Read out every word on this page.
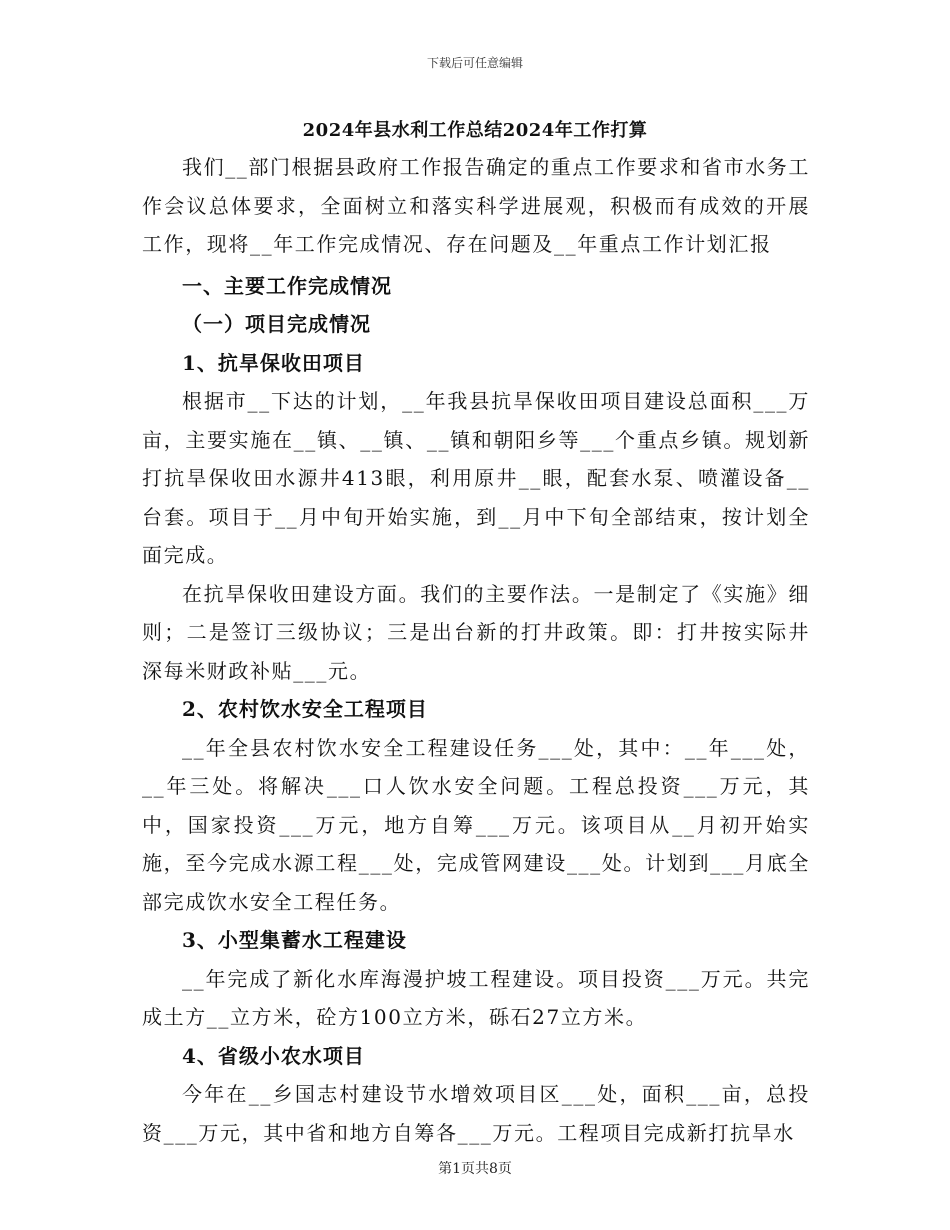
下载后可任意编辑
2024年县水利工作总结2024年工作打算

我们__部门根据县政府工作报告确定的重点工作要求和省市水务工作会议总体要求，全面树立和落实科学进展观，积极而有成效的开展工作，现将__年工作完成情况、存在问题及__年重点工作计划汇报

一、主要工作完成情况

（一）项目完成情况

1、抗旱保收田项目

根据市__下达的计划，__年我县抗旱保收田项目建设总面积___万亩，主要实施在__镇、__镇、__镇和朝阳乡等___个重点乡镇。规划新打抗旱保收田水源井413眼，利用原井__眼，配套水泵、喷灌设备__台套。项目于__月中旬开始实施，到__月中下旬全部结束，按计划全面完成。

在抗旱保收田建设方面。我们的主要作法。一是制定了《实施》细则；二是签订三级协议；三是出台新的打井政策。即：打井按实际井深每米财政补贴___元。

2、农村饮水安全工程项目

__年全县农村饮水安全工程建设任务___处，其中：__年___处，__年三处。将解决___口人饮水安全问题。工程总投资___万元，其中，国家投资___万元，地方自筹___万元。该项目从__月初开始实施，至今完成水源工程___处，完成管网建设___处。计划到___月底全部完成饮水安全工程任务。

3、小型集蓄水工程建设

__年完成了新化水库海漫护坡工程建设。项目投资___万元。共完成土方__立方米，砼方100立方米，砾石27立方米。

4、省级小农水项目

今年在__乡国志村建设节水增效项目区___处，面积___亩，总投资___万元，其中省和地方自筹各___万元。工程项目完成新打抗旱水

第1页共8页
